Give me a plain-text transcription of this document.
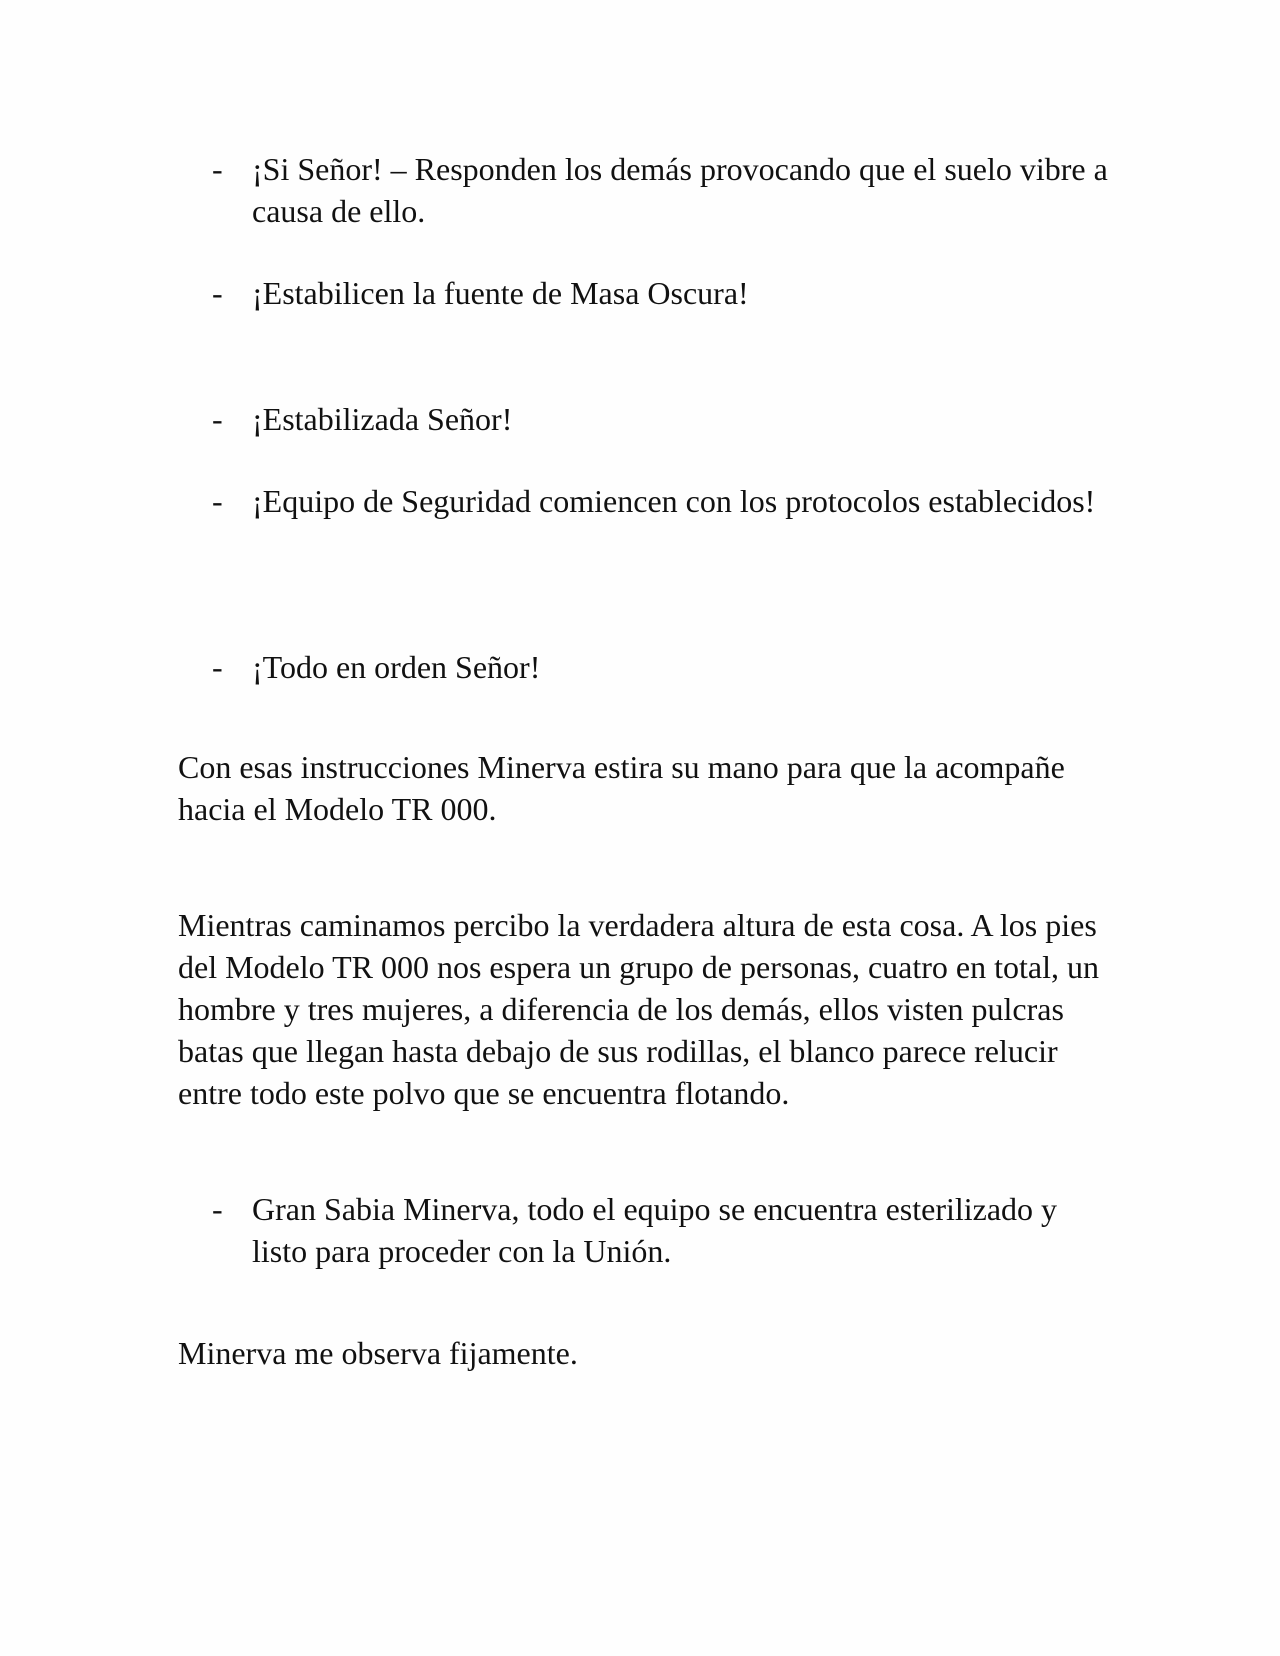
- ¡Si Señor! – Responden los demás provocando que el suelo vibre a causa de ello.
- ¡Estabilicen la fuente de Masa Oscura!
- ¡Estabilizada Señor!
- ¡Equipo de Seguridad comiencen con los protocolos establecidos!
- ¡Todo en orden Señor!

Con esas instrucciones Minerva estira su mano para que la acompañe hacia el Modelo TR 000.

Mientras caminamos percibo la verdadera altura de esta cosa. A los pies del Modelo TR 000 nos espera un grupo de personas, cuatro en total, un hombre y tres mujeres, a diferencia de los demás, ellos visten pulcras batas que llegan hasta debajo de sus rodillas, el blanco parece relucir entre todo este polvo que se encuentra flotando.

- Gran Sabia Minerva, todo el equipo se encuentra esterilizado y listo para proceder con la Unión.

Minerva me observa fijamente.
